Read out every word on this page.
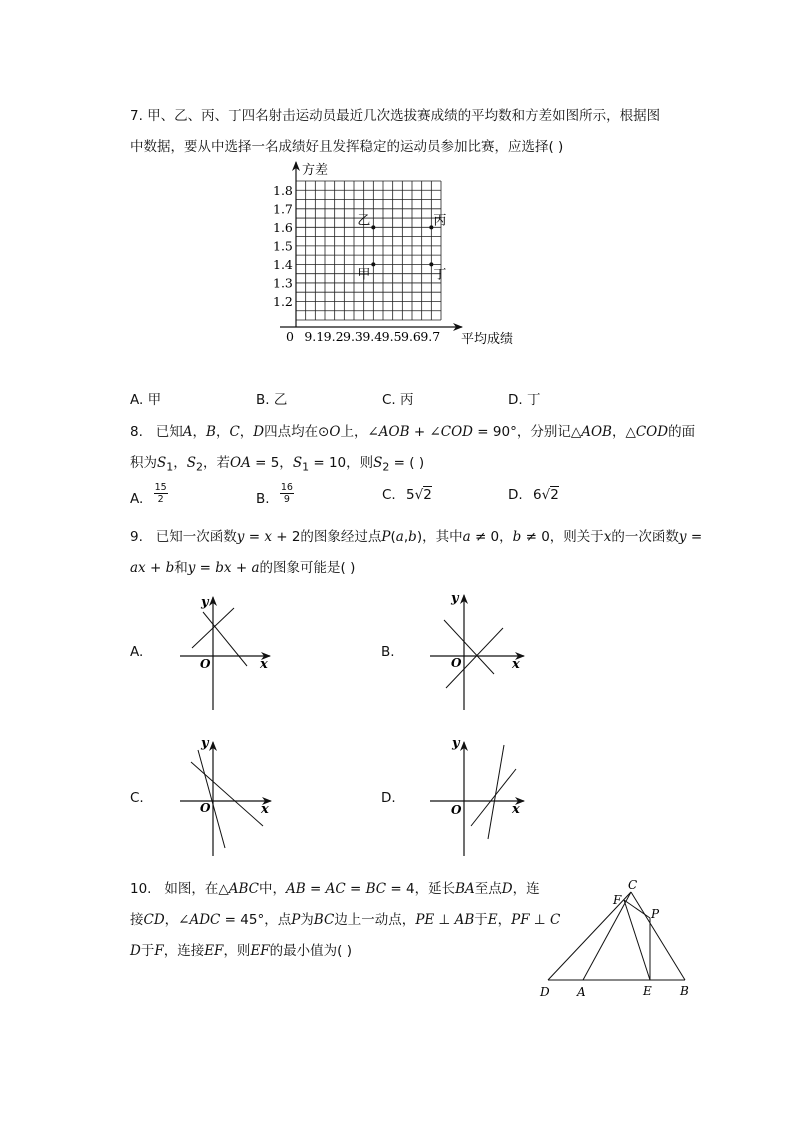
7. 甲、乙、丙、丁四名射击运动员最近几次选拔赛成绩的平均数和方差如图所示，根据图
中数据，要从中选择一名成绩好且发挥稳定的运动员参加比赛，应选择( )
9.1 9.2 9.3 9.4 9.5 9.6 9.7
1.2
1.3
1.4
1.5
1.6
1.7
1.8
甲
乙	丙
丁
方差
平均成绩
0
A. 甲	B. 乙	C. 丙	D. 丁
8. 已知A，B，C，D四点均在⊙O上，∠AOB + ∠COD = 90°，分别记△AOB，△COD的面
积为$S_1$，$S_2$，若OA = 5，$S_1 = 10$，则$S_2$ = ( )
A. $\frac{15}{2}$	B. $\frac{16}{9}$	C. 5√2	D. 6√2
9. 已知一次函数y = x + 2的图象经过点P(a,b)，其中a ≠ 0，b ≠ 0，则关于x的一次函数y =
ax + b和y = bx + a的图象可能是( )
A.
y
x
O
B.
y
x
O
C.
y
x
O
D.
y
x
O
10. 如图，在△ABC中，AB = AC = BC = 4，延长BA至点D，连
接CD，∠ADC = 45°，点P为BC边上一动点，PE ⊥ AB于E，PF ⊥ C
D于F，连接EF，则EF的最小值为( )
C
F
P
D A	E B
